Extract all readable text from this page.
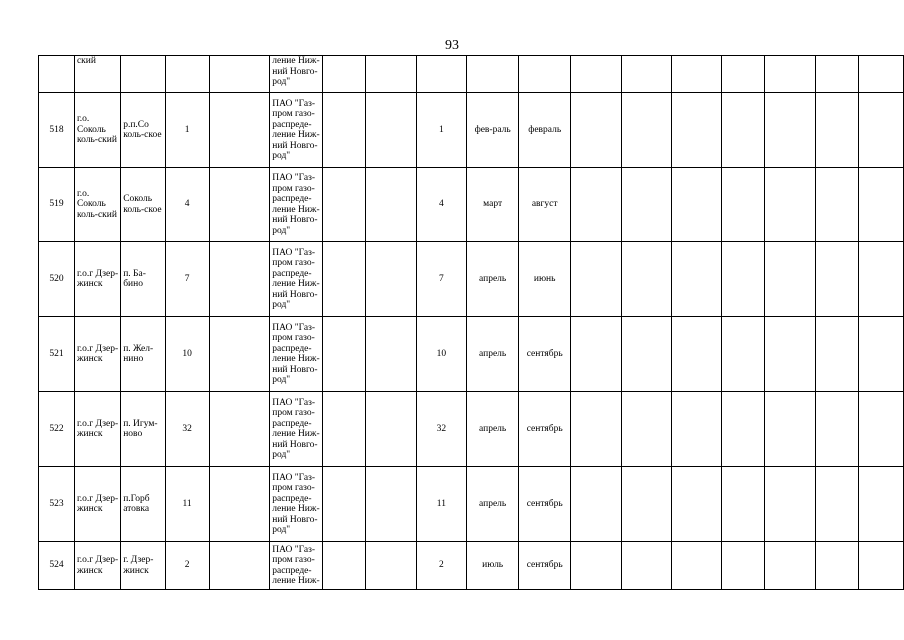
93
	ский				ление Ниж-ний Новго-род"												
518	г.о. Соколь коль-ский	р.п.Со коль-ское	1		ПАО "Газ-пром газо-распреде-ление Ниж-ний Новго-род"			1	фев-раль	февраль							
519	г.о. Соколь коль-ский	Соколь коль-ское	4		ПАО "Газ-пром газо-распреде-ление Ниж-ний Новго-род"			4	март	август							
520	г.о.г Дзер-жинск	п. Ба-бино	7		ПАО "Газ-пром газо-распреде-ление Ниж-ний Новго-род"			7	апрель	июнь							
521	г.о.г Дзер-жинск	п. Жел-нино	10		ПАО "Газ-пром газо-распреде-ление Ниж-ний Новго-род"			10	апрель	сентябрь							
522	г.о.г Дзер-жинск	п. Игум-ново	32		ПАО "Газ-пром газо-распреде-ление Ниж-ний Новго-род"			32	апрель	сентябрь							
523	г.о.г Дзер-жинск	п.Горб атовка	11		ПАО "Газ-пром газо-распреде-ление Ниж-ний Новго-род"			11	апрель	сентябрь							
524	г.о.г Дзер-жинск	г. Дзер-жинск	2		ПАО "Газ-пром газо-распреде-ление Ниж-			2	июль	сентябрь							
